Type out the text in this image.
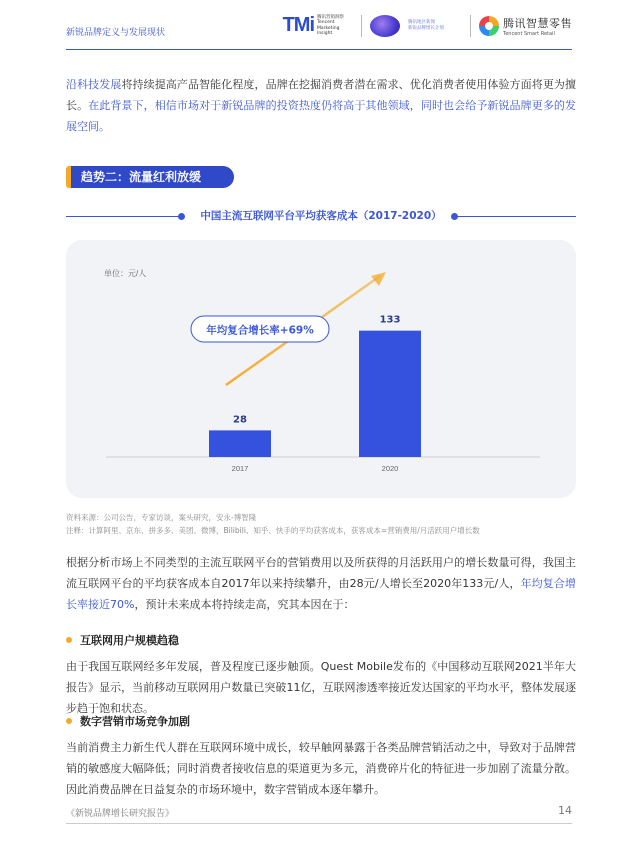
新锐品牌定义与发展现状	TMi 腾讯营销洞察
Tencent
Marketing Insight
腾讯地区新闻
新锐品牌增长计划	腾讯智慧零售
Tencent Smart Retail

沿科技发展将持续提高产品智能化程度，品牌在挖掘消费者潜在需求、优化消费者使用体验方面将更为擅长。在此背景下，相信市场对于新锐品牌的投资热度仍将高于其他领域，同时也会给予新锐品牌更多的发展空间。

趋势二：流量红利放缓
中国主流互联网平台平均获客成本（2017-2020）
单位：元/人
年均复合增长率+69%
28
2017
133
2020
资料来源：公司公告，专家访谈，案头研究，安永-博智隆
注释：计算阿里、京东、拼多多、美团、微博，Bilibili、知乎、快手的平均获客成本，获客成本=营销费用/月活跃用户增长数

根据分析市场上不同类型的主流互联网平台的营销费用以及所获得的月活跃用户的增长数量可得，我国主流互联网平台的平均获客成本自2017年以来持续攀升，由28元/人增长至2020年133元/人，年均复合增长率接近70%，预计未来成本将持续走高，究其本因在于：

互联网用户规模趋稳

由于我国互联网经多年发展，普及程度已逐步触顶。Quest Mobile发布的《中国移动互联网2021半年大报告》显示，当前移动互联网用户数量已突破11亿，互联网渗透率接近发达国家的平均水平，整体发展逐步趋于饱和状态。

数字营销市场竞争加剧

当前消费主力新生代人群在互联网环境中成长，较早触网暴露于各类品牌营销活动之中，导致对于品牌营销的敏感度大幅降低；同时消费者接收信息的渠道更为多元，消费碎片化的特征进一步加剧了流量分散。因此消费品牌在日益复杂的市场环境中，数字营销成本逐年攀升。

《新锐品牌增长研究报告》	14
